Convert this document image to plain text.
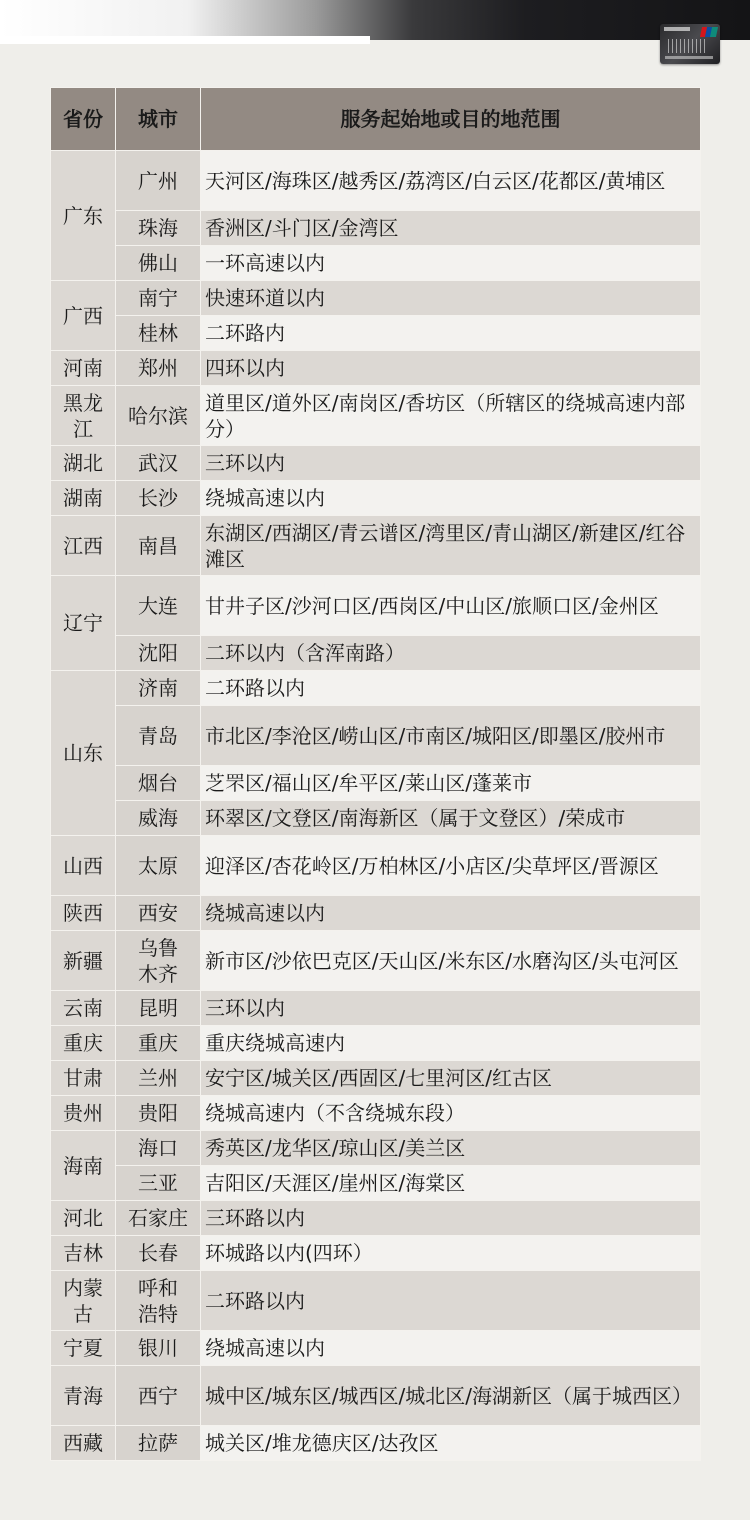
省份	城市	服务起始地或目的地范围
广东	广州	天河区/海珠区/越秀区/荔湾区/白云区/花都区/黄埔区
	珠海	香洲区/斗门区/金湾区
	佛山	一环高速以内
广西	南宁	快速环道以内
	桂林	二环路内
河南	郑州	四环以内
黑龙江	哈尔滨	道里区/道外区/南岗区/香坊区（所辖区的绕城高速内部分）
湖北	武汉	三环以内
湖南	长沙	绕城高速以内
江西	南昌	东湖区/西湖区/青云谱区/湾里区/青山湖区/新建区/红谷滩区
辽宁	大连	甘井子区/沙河口区/西岗区/中山区/旅顺口区/金州区
	沈阳	二环以内（含浑南路）
山东	济南	二环路以内
	青岛	市北区/李沧区/崂山区/市南区/城阳区/即墨区/胶州市
	烟台	芝罘区/福山区/牟平区/莱山区/蓬莱市
	威海	环翠区/文登区/南海新区（属于文登区）/荣成市
山西	太原	迎泽区/杏花岭区/万柏林区/小店区/尖草坪区/晋源区
陕西	西安	绕城高速以内
新疆	乌鲁木齐	新市区/沙依巴克区/天山区/米东区/水磨沟区/头屯河区
云南	昆明	三环以内
重庆	重庆	重庆绕城高速内
甘肃	兰州	安宁区/城关区/西固区/七里河区/红古区
贵州	贵阳	绕城高速内（不含绕城东段）
海南	海口	秀英区/龙华区/琼山区/美兰区
	三亚	吉阳区/天涯区/崖州区/海棠区
河北	石家庄	三环路以内
吉林	长春	环城路以内(四环）
内蒙古	呼和浩特	二环路以内
宁夏	银川	绕城高速以内
青海	西宁	城中区/城东区/城西区/城北区/海湖新区（属于城西区）
西藏	拉萨	城关区/堆龙德庆区/达孜区
